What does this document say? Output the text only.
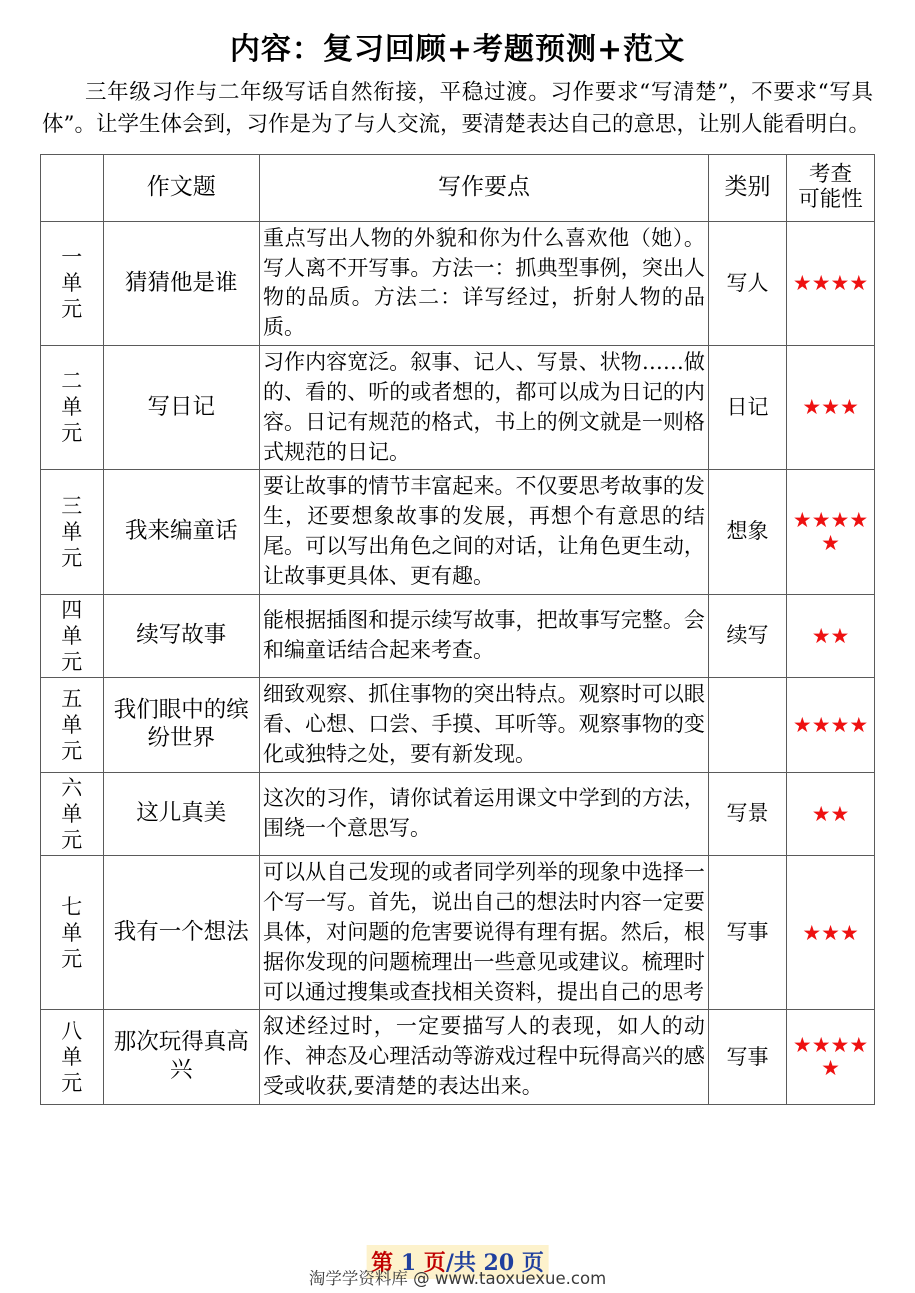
内容：复习回顾+考题预测+范文

三年级习作与二年级写话自然衔接，平稳过渡。习作要求“写清楚”，不要求“写具体”。让学生体会到，习作是为了与人交流，要清楚表达自己的意思，让别人能看明白。

	作文题	写作要点	类别	考查
可能性

一单元	猜猜他是谁	重点写出人物的外貌和你为什么喜欢他（她）。写人离不开写事。方法一：抓典型事例，突出人物的品质。方法二：详写经过，折射人物的品质。	写人	★★★★

二单元	写日记	习作内容宽泛。叙事、记人、写景、状物……做的、看的、听的或者想的，都可以成为日记的内容。日记有规范的格式，书上的例文就是一则格式规范的日记。	日记	★★★

三单元	我来编童话	要让故事的情节丰富起来。不仅要思考故事的发生，还要想象故事的发展，再想个有意思的结尾。可以写出角色之间的对话，让角色更生动，让故事更具体、更有趣。	想象	★★★★★

四单元	续写故事	能根据插图和提示续写故事，把故事写完整。会和编童话结合起来考查。	续写	★★

五单元	我们眼中的缤纷世界	细致观察、抓住事物的突出特点。观察时可以眼看、心想、口尝、手摸、耳听等。观察事物的变化或独特之处，要有新发现。		★★★★

六单元	这儿真美	这次的习作，请你试着运用课文中学到的方法，围绕一个意思写。	写景	★★

七单元	我有一个想法	可以从自己发现的或者同学列举的现象中选择一个写一写。首先，说出自己的想法时内容一定要具体，对问题的危害要说得有理有据。然后，根据你发现的问题梳理出一些意见或建议。梳理时可以通过搜集或查找相关资料，提出自己的思考	写事	★★★

八单元	那次玩得真高兴	叙述经过时，一定要描写人的表现，如人的动作、神态及心理活动等游戏过程中玩得高兴的感受或收获,要清楚的表达出来。	写事	★★★★★
第 1 页/共 20 页
淘学学资料库 @ www.taoxuexue.com
